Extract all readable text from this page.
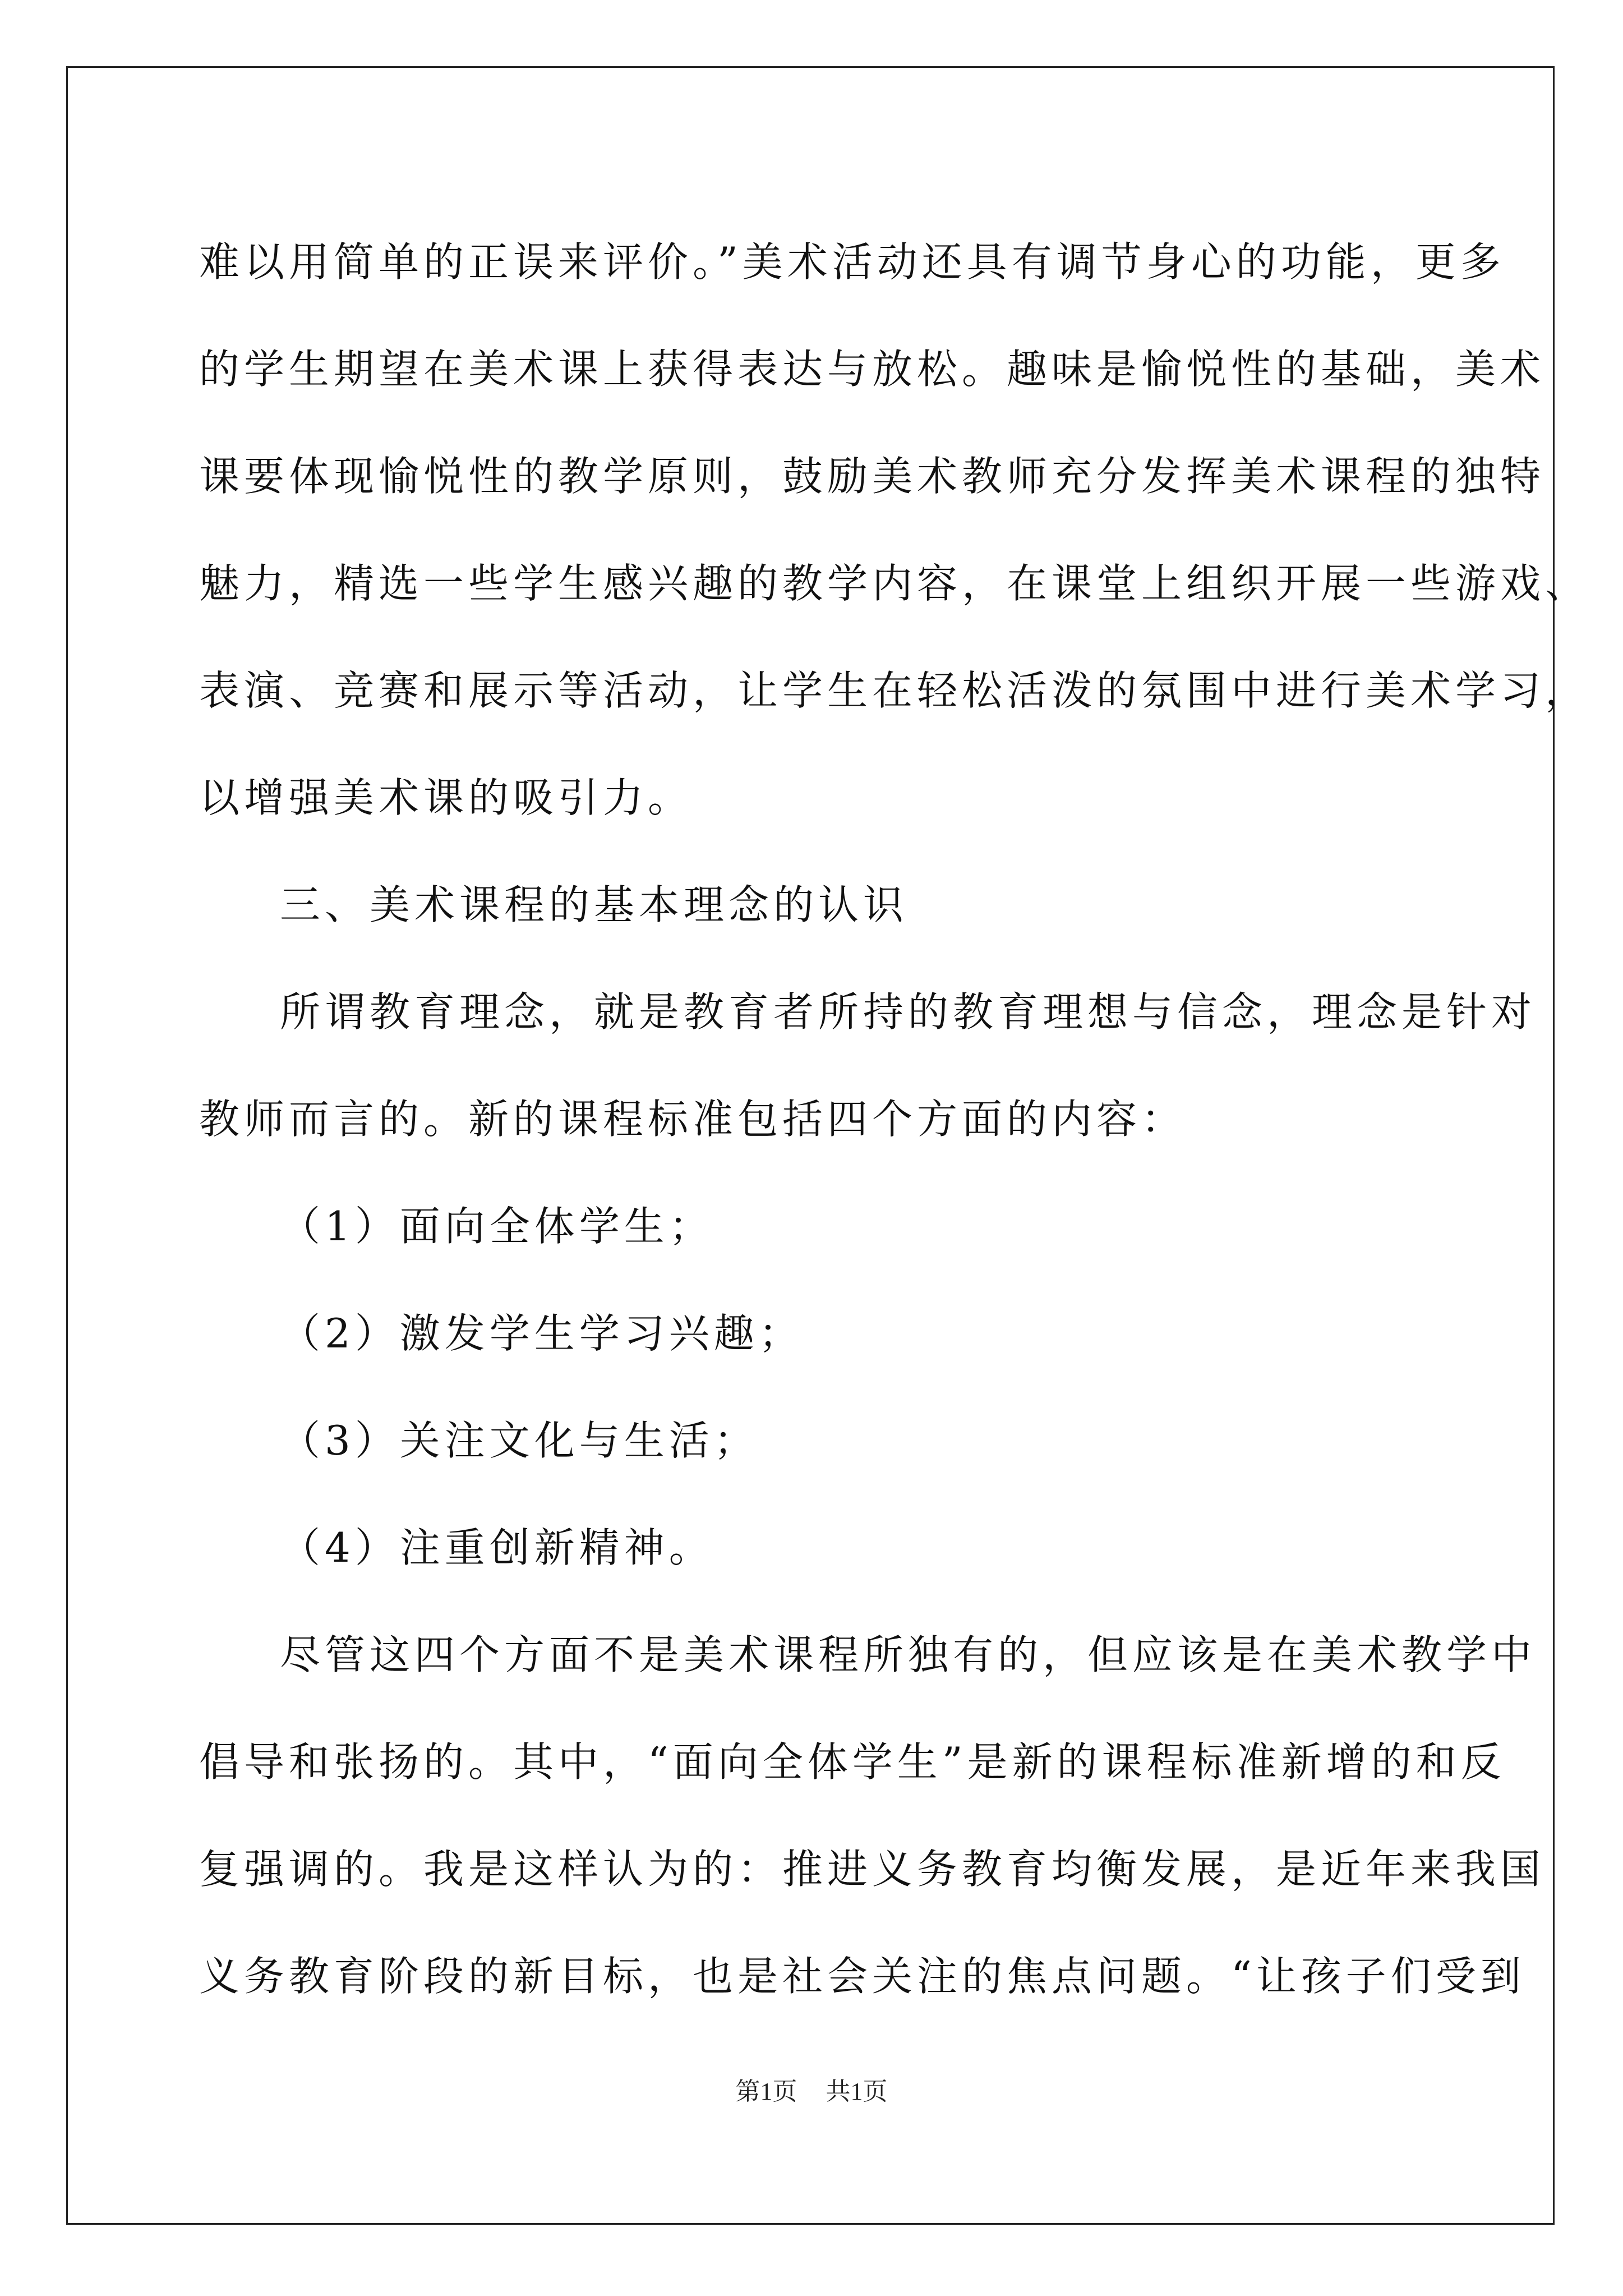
难以用简单的正误来评价。”美术活动还具有调节身心的功能，更多
的学生期望在美术课上获得表达与放松。趣味是愉悦性的基础，美术
课要体现愉悦性的教学原则，鼓励美术教师充分发挥美术课程的独特
魅力，精选一些学生感兴趣的教学内容，在课堂上组织开展一些游戏、
表演、竞赛和展示等活动，让学生在轻松活泼的氛围中进行美术学习，
以增强美术课的吸引力。
三、美术课程的基本理念的认识
所谓教育理念，就是教育者所持的教育理想与信念，理念是针对
教师而言的。新的课程标准包括四个方面的内容：
（1）面向全体学生；
（2）激发学生学习兴趣；
（3）关注文化与生活；
（4）注重创新精神。
尽管这四个方面不是美术课程所独有的，但应该是在美术教学中
倡导和张扬的。其中，“面向全体学生”是新的课程标准新增的和反
复强调的。我是这样认为的：推进义务教育均衡发展，是近年来我国
义务教育阶段的新目标，也是社会关注的焦点问题。“让孩子们受到
第1页 共1页
